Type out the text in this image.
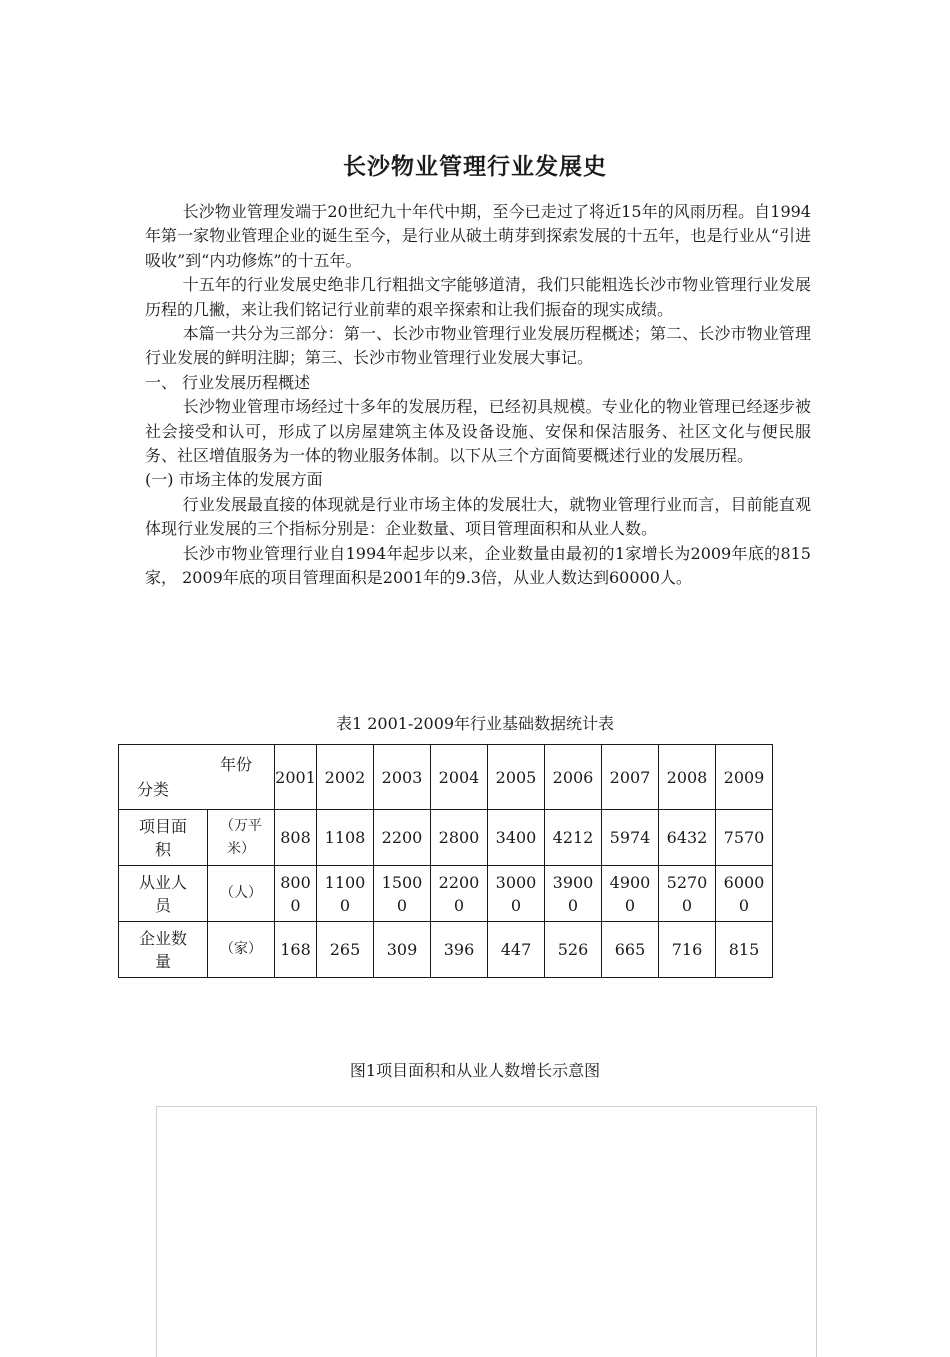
长沙物业管理行业发展史

长沙物业管理发端于20世纪九十年代中期，至今已走过了将近15年的风雨历程。自1994年第一家物业管理企业的诞生至今，是行业从破土萌芽到探索发展的十五年，也是行业从“引进吸收”到“内功修炼”的十五年。

十五年的行业发展史绝非几行粗拙文字能够道清，我们只能粗选长沙市物业管理行业发展历程的几撇，来让我们铭记行业前辈的艰辛探索和让我们振奋的现实成绩。

本篇一共分为三部分：第一、长沙市物业管理行业发展历程概述；第二、长沙市物业管理行业发展的鲜明注脚；第三、长沙市物业管理行业发展大事记。

一、 行业发展历程概述

长沙物业管理市场经过十多年的发展历程，已经初具规模。专业化的物业管理已经逐步被社会接受和认可，形成了以房屋建筑主体及设备设施、安保和保洁服务、社区文化与便民服务、社区增值服务为一体的物业服务体制。以下从三个方面简要概述行业的发展历程。

(一) 市场主体的发展方面

行业发展最直接的体现就是行业市场主体的发展壮大，就物业管理行业而言，目前能直观体现行业发展的三个指标分别是：企业数量、项目管理面积和从业人数。

长沙市物业管理行业自1994年起步以来，企业数量由最初的1家增长为2009年底的815家， 2009年底的项目管理面积是2001年的9.3倍，从业人数达到60000人。

表1 2001-2009年行业基础数据统计表
年份
分类		2001	2002	2003	2004	2005	2006	2007	2008	2009
项目面积	（万平米）	808	1108	2200	2800	3400	4212	5974	6432	7570
从业人员	（人）	8000	11000	15000	22000	30000	39000	49000	52700	60000
企业数量	（家）	168	265	309	396	447	526	665	716	815
图1项目面积和从业人数增长示意图
